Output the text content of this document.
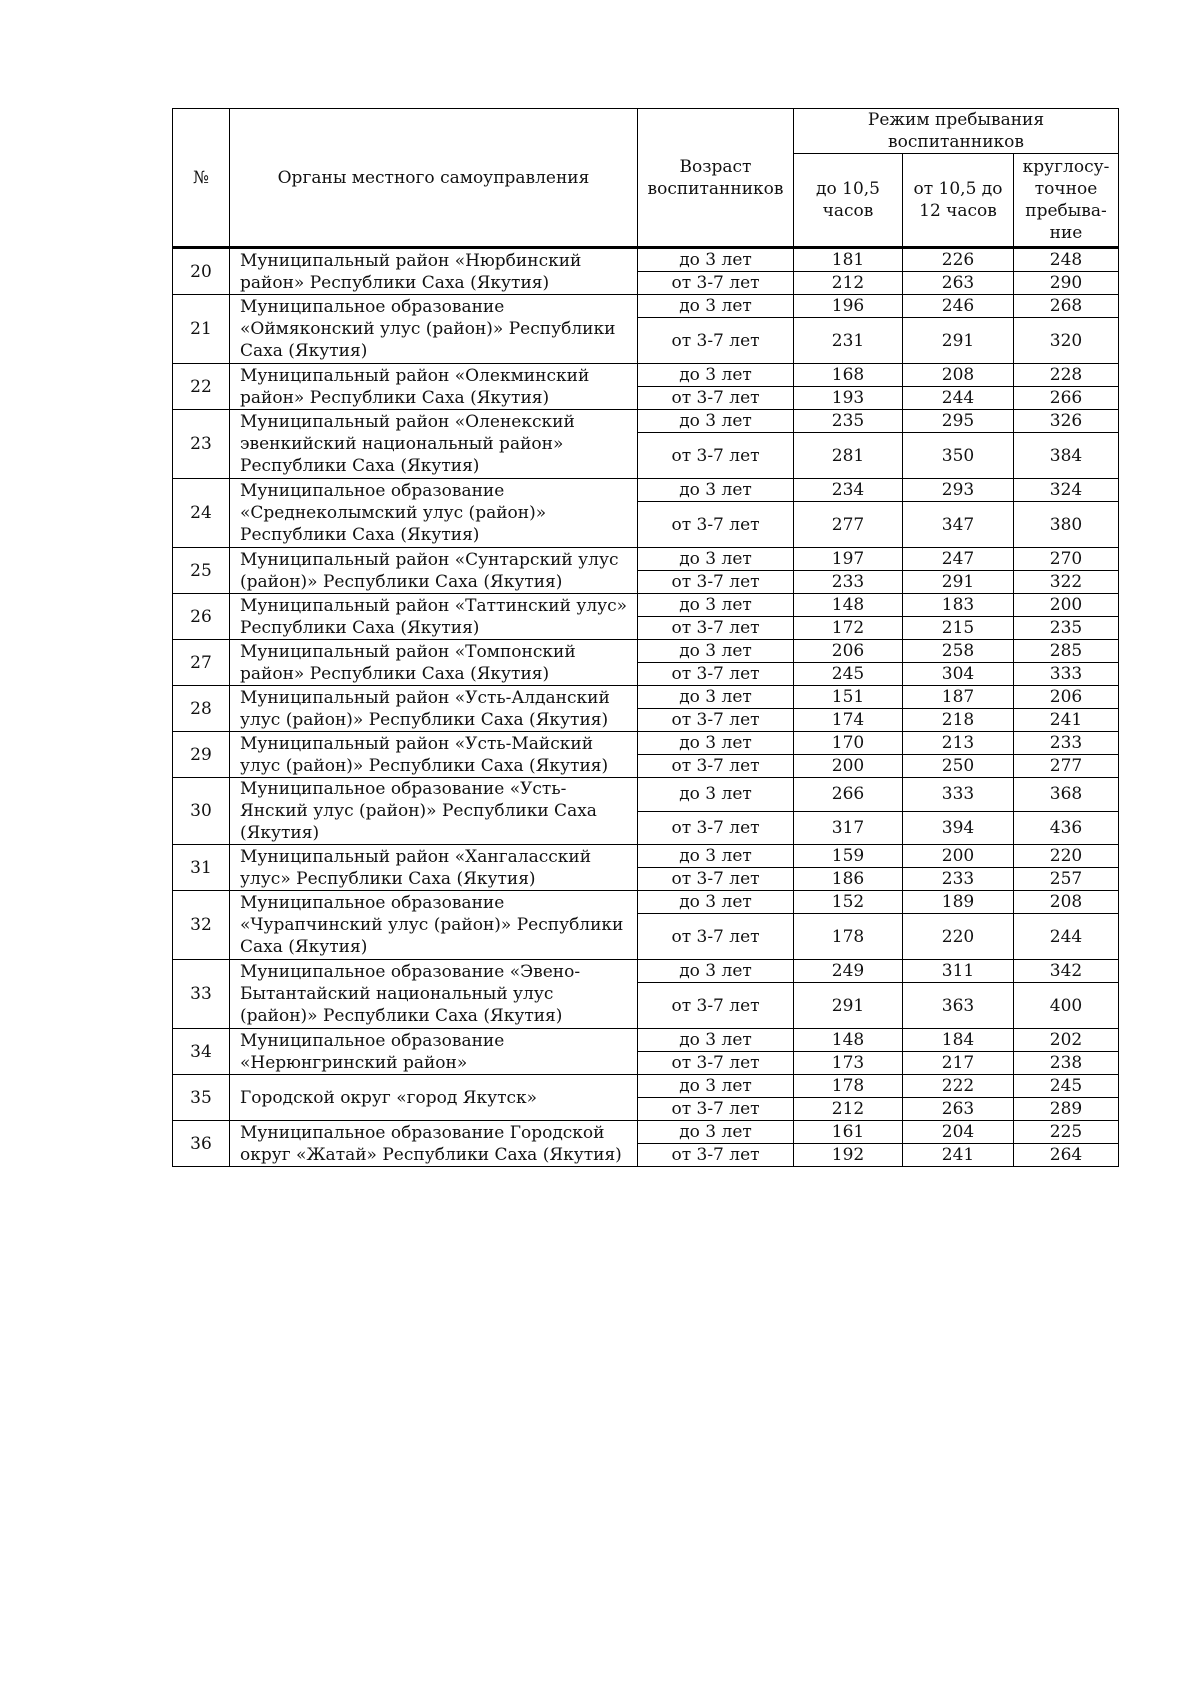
№	Органы местного самоуправления	Возраст воспитанников	Режим пребывания воспитанников		
			до 10,5 часов	от 10,5 до 12 часов	круглосу-точное пребыва-ние
20	Муниципальный район «Нюрбинский район» Республики Саха (Якутия)	до 3 лет	181	226	248
		от 3-7 лет	212	263	290
21	Муниципальное образование «Оймяконский улус (район)» Республики Саха (Якутия)	до 3 лет	196	246	268
		от 3-7 лет	231	291	320
22	Муниципальный район «Олекминский район» Республики Саха (Якутия)	до 3 лет	168	208	228
		от 3-7 лет	193	244	266
23	Муниципальный район «Оленекский эвенкийский национальный район» Республики Саха (Якутия)	до 3 лет	235	295	326
		от 3-7 лет	281	350	384
24	Муниципальное образование «Среднеколымский улус (район)» Республики Саха (Якутия)	до 3 лет	234	293	324
		от 3-7 лет	277	347	380
25	Муниципальный район «Сунтарский улус (район)» Республики Саха (Якутия)	до 3 лет	197	247	270
		от 3-7 лет	233	291	322
26	Муниципальный район «Таттинский улус» Республики Саха (Якутия)	до 3 лет	148	183	200
		от 3-7 лет	172	215	235
27	Муниципальный район «Томпонский район» Республики Саха (Якутия)	до 3 лет	206	258	285
		от 3-7 лет	245	304	333
28	Муниципальный район «Усть-Алданский улус (район)» Республики Саха (Якутия)	до 3 лет	151	187	206
		от 3-7 лет	174	218	241
29	Муниципальный район «Усть-Майский улус (район)» Республики Саха (Якутия)	до 3 лет	170	213	233
		от 3-7 лет	200	250	277
30	Муниципальное образование «Усть-Янский улус (район)» Республики Саха (Якутия)	до 3 лет	266	333	368
		от 3-7 лет	317	394	436
31	Муниципальный район «Хангаласский улус» Республики Саха (Якутия)	до 3 лет	159	200	220
		от 3-7 лет	186	233	257
32	Муниципальное образование «Чурапчинский улус (район)» Республики Саха (Якутия)	до 3 лет	152	189	208
		от 3-7 лет	178	220	244
33	Муниципальное образование «Эвено-Бытантайский национальный улус (район)» Республики Саха (Якутия)	до 3 лет	249	311	342
		от 3-7 лет	291	363	400
34	Муниципальное образование «Нерюнгринский район»	до 3 лет	148	184	202
		от 3-7 лет	173	217	238
35	Городской округ «город Якутск»	до 3 лет	178	222	245
		от 3-7 лет	212	263	289
36	Муниципальное образование Городской округ «Жатай» Республики Саха (Якутия)	до 3 лет	161	204	225
		от 3-7 лет	192	241	264
